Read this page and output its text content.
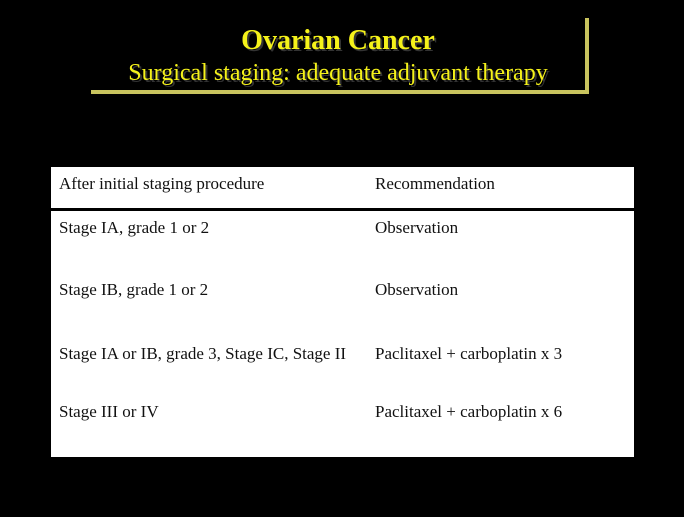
Ovarian Cancer
Surgical staging: adequate adjuvant therapy
After initial staging procedure	Recommendation
Stage IA, grade 1 or 2	Observation
Stage IB, grade 1 or 2	Observation
Stage IA or IB, grade 3, Stage IC, Stage II	Paclitaxel + carboplatin x 3
Stage III or IV	Paclitaxel + carboplatin x 6
